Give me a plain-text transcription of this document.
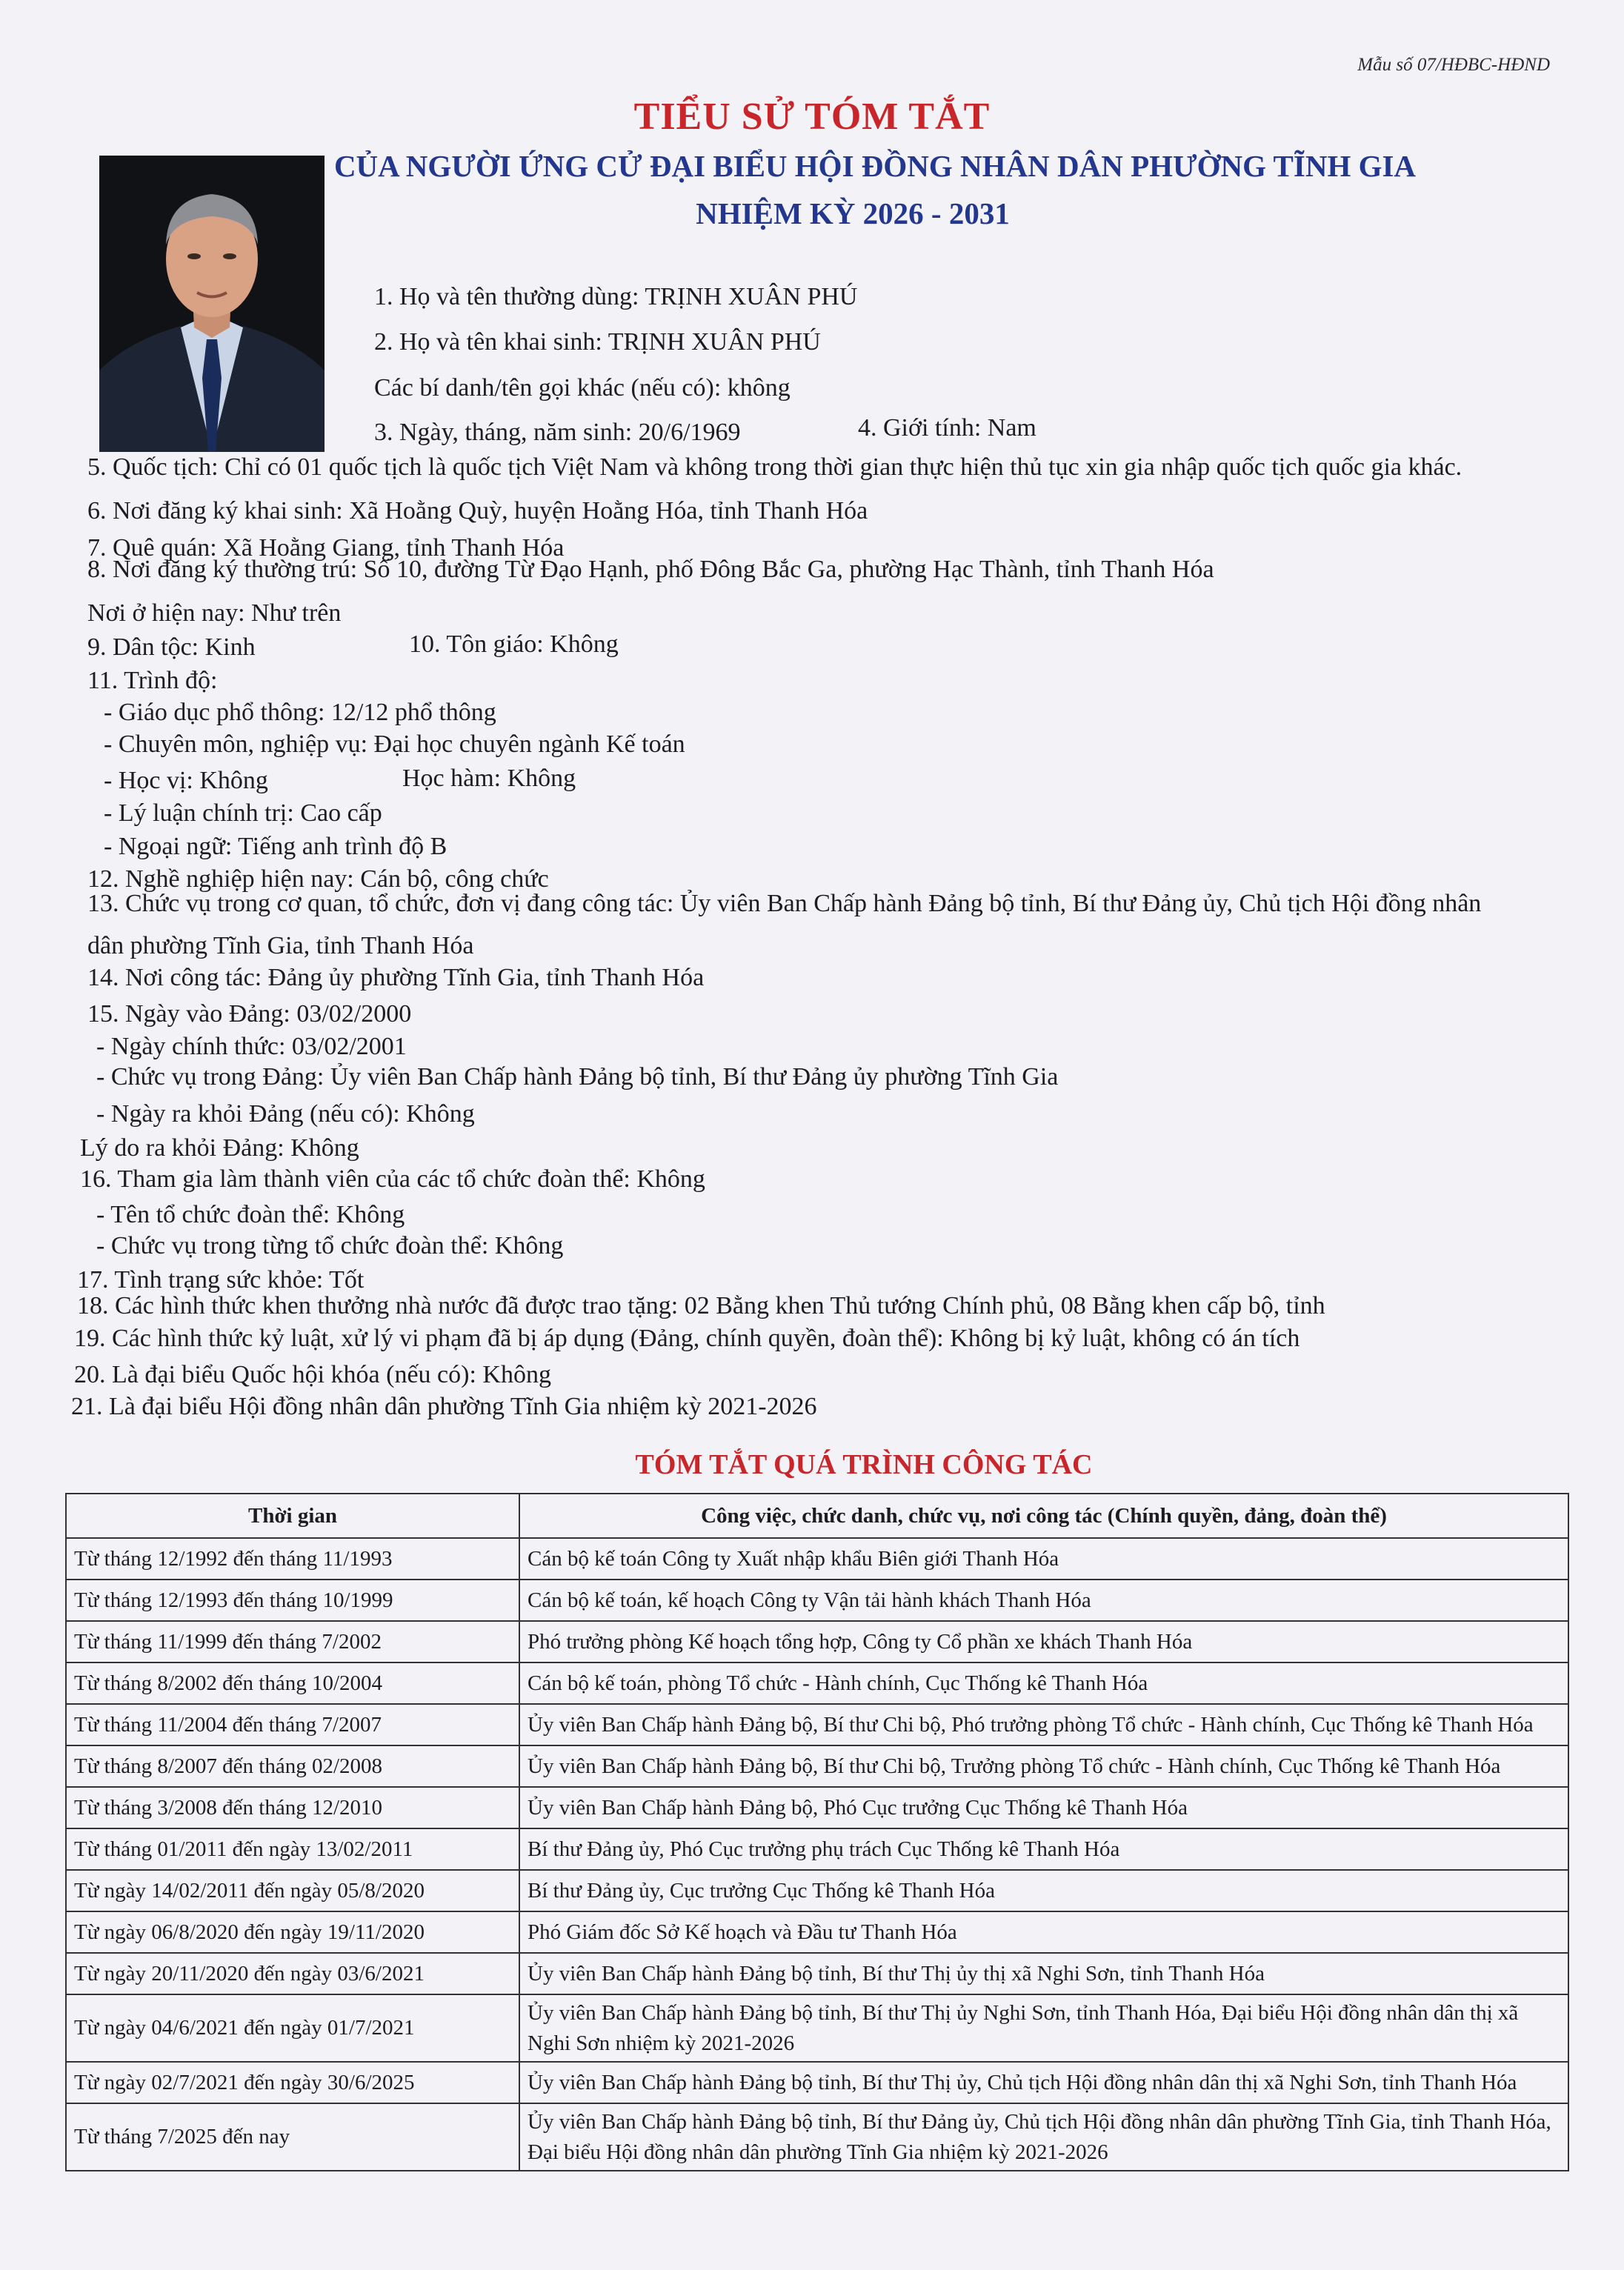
Mẫu số 07/HĐBC-HĐND
TIỂU SỬ TÓM TẮT
CỦA NGƯỜI ỨNG CỬ ĐẠI BIỂU HỘI ĐỒNG NHÂN DÂN PHƯỜNG TĨNH GIA
NHIỆM KỲ 2026 - 2031
1. Họ và tên thường dùng: TRỊNH XUÂN PHÚ
2. Họ và tên khai sinh: TRỊNH XUÂN PHÚ
Các bí danh/tên gọi khác (nếu có): không
3. Ngày, tháng, năm sinh: 20/6/1969	4. Giới tính: Nam
5. Quốc tịch: Chỉ có 01 quốc tịch là quốc tịch Việt Nam và không trong thời gian thực hiện thủ tục xin gia nhập quốc tịch quốc gia khác.
6. Nơi đăng ký khai sinh: Xã Hoằng Quỳ, huyện Hoằng Hóa, tỉnh Thanh Hóa
7. Quê quán: Xã Hoằng Giang, tỉnh Thanh Hóa
8. Nơi đăng ký thường trú: Số 10, đường Từ Đạo Hạnh, phố Đông Bắc Ga, phường Hạc Thành, tỉnh Thanh Hóa
Nơi ở hiện nay: Như trên
9. Dân tộc: Kinh	10. Tôn giáo: Không
11. Trình độ:
- Giáo dục phổ thông: 12/12 phổ thông
- Chuyên môn, nghiệp vụ: Đại học chuyên ngành Kế toán
- Học vị: Không	Học hàm: Không
- Lý luận chính trị: Cao cấp
- Ngoại ngữ: Tiếng anh trình độ B
12. Nghề nghiệp hiện nay: Cán bộ, công chức
13. Chức vụ trong cơ quan, tổ chức, đơn vị đang công tác: Ủy viên Ban Chấp hành Đảng bộ tỉnh, Bí thư Đảng ủy, Chủ tịch Hội đồng nhân
dân phường Tĩnh Gia, tỉnh Thanh Hóa
14. Nơi công tác: Đảng ủy phường Tĩnh Gia, tỉnh Thanh Hóa
15. Ngày vào Đảng: 03/02/2000
- Ngày chính thức: 03/02/2001
- Chức vụ trong Đảng: Ủy viên Ban Chấp hành Đảng bộ tỉnh, Bí thư Đảng ủy phường Tĩnh Gia
- Ngày ra khỏi Đảng (nếu có): Không
Lý do ra khỏi Đảng: Không
16. Tham gia làm thành viên của các tổ chức đoàn thể: Không
- Tên tổ chức đoàn thể: Không
- Chức vụ trong từng tổ chức đoàn thể: Không
17. Tình trạng sức khỏe: Tốt
18. Các hình thức khen thưởng nhà nước đã được trao tặng: 02 Bằng khen Thủ tướng Chính phủ, 08 Bằng khen cấp bộ, tỉnh
19. Các hình thức kỷ luật, xử lý vi phạm đã bị áp dụng (Đảng, chính quyền, đoàn thể): Không bị kỷ luật, không có án tích
20. Là đại biểu Quốc hội khóa (nếu có): Không
21. Là đại biểu Hội đồng nhân dân phường Tĩnh Gia nhiệm kỳ 2021-2026
TÓM TẮT QUÁ TRÌNH CÔNG TÁC
Thời gian	Công việc, chức danh, chức vụ, nơi công tác (Chính quyền, đảng, đoàn thể)
Từ tháng 12/1992 đến tháng 11/1993	Cán bộ kế toán Công ty Xuất nhập khẩu Biên giới Thanh Hóa
Từ tháng 12/1993 đến tháng 10/1999	Cán bộ kế toán, kế hoạch Công ty Vận tải hành khách Thanh Hóa
Từ tháng 11/1999 đến tháng 7/2002	Phó trưởng phòng Kế hoạch tổng hợp, Công ty Cổ phần xe khách Thanh Hóa
Từ tháng 8/2002 đến tháng 10/2004	Cán bộ kế toán, phòng Tổ chức - Hành chính, Cục Thống kê Thanh Hóa
Từ tháng 11/2004 đến tháng 7/2007	Ủy viên Ban Chấp hành Đảng bộ, Bí thư Chi bộ, Phó trưởng phòng Tổ chức - Hành chính, Cục Thống kê Thanh Hóa
Từ tháng 8/2007 đến tháng 02/2008	Ủy viên Ban Chấp hành Đảng bộ, Bí thư Chi bộ, Trưởng phòng Tổ chức - Hành chính, Cục Thống kê Thanh Hóa
Từ tháng 3/2008 đến tháng 12/2010	Ủy viên Ban Chấp hành Đảng bộ, Phó Cục trưởng Cục Thống kê Thanh Hóa
Từ tháng 01/2011 đến ngày 13/02/2011	Bí thư Đảng ủy, Phó Cục trưởng phụ trách Cục Thống kê Thanh Hóa
Từ ngày 14/02/2011 đến ngày 05/8/2020	Bí thư Đảng ủy, Cục trưởng Cục Thống kê Thanh Hóa
Từ ngày 06/8/2020 đến ngày 19/11/2020	Phó Giám đốc Sở Kế hoạch và Đầu tư Thanh Hóa
Từ ngày 20/11/2020 đến ngày 03/6/2021	Ủy viên Ban Chấp hành Đảng bộ tỉnh, Bí thư Thị ủy thị xã Nghi Sơn, tỉnh Thanh Hóa
Từ ngày 04/6/2021 đến ngày 01/7/2021	Ủy viên Ban Chấp hành Đảng bộ tỉnh, Bí thư Thị ủy Nghi Sơn, tỉnh Thanh Hóa, Đại biểu Hội đồng nhân dân thị xã Nghi Sơn nhiệm kỳ 2021-2026
Từ ngày 02/7/2021 đến ngày 30/6/2025	Ủy viên Ban Chấp hành Đảng bộ tỉnh, Bí thư Thị ủy, Chủ tịch Hội đồng nhân dân thị xã Nghi Sơn, tỉnh Thanh Hóa
Từ tháng 7/2025 đến nay	Ủy viên Ban Chấp hành Đảng bộ tỉnh, Bí thư Đảng ủy, Chủ tịch Hội đồng nhân dân phường Tĩnh Gia, tỉnh Thanh Hóa, Đại biểu Hội đồng nhân dân phường Tĩnh Gia nhiệm kỳ 2021-2026
